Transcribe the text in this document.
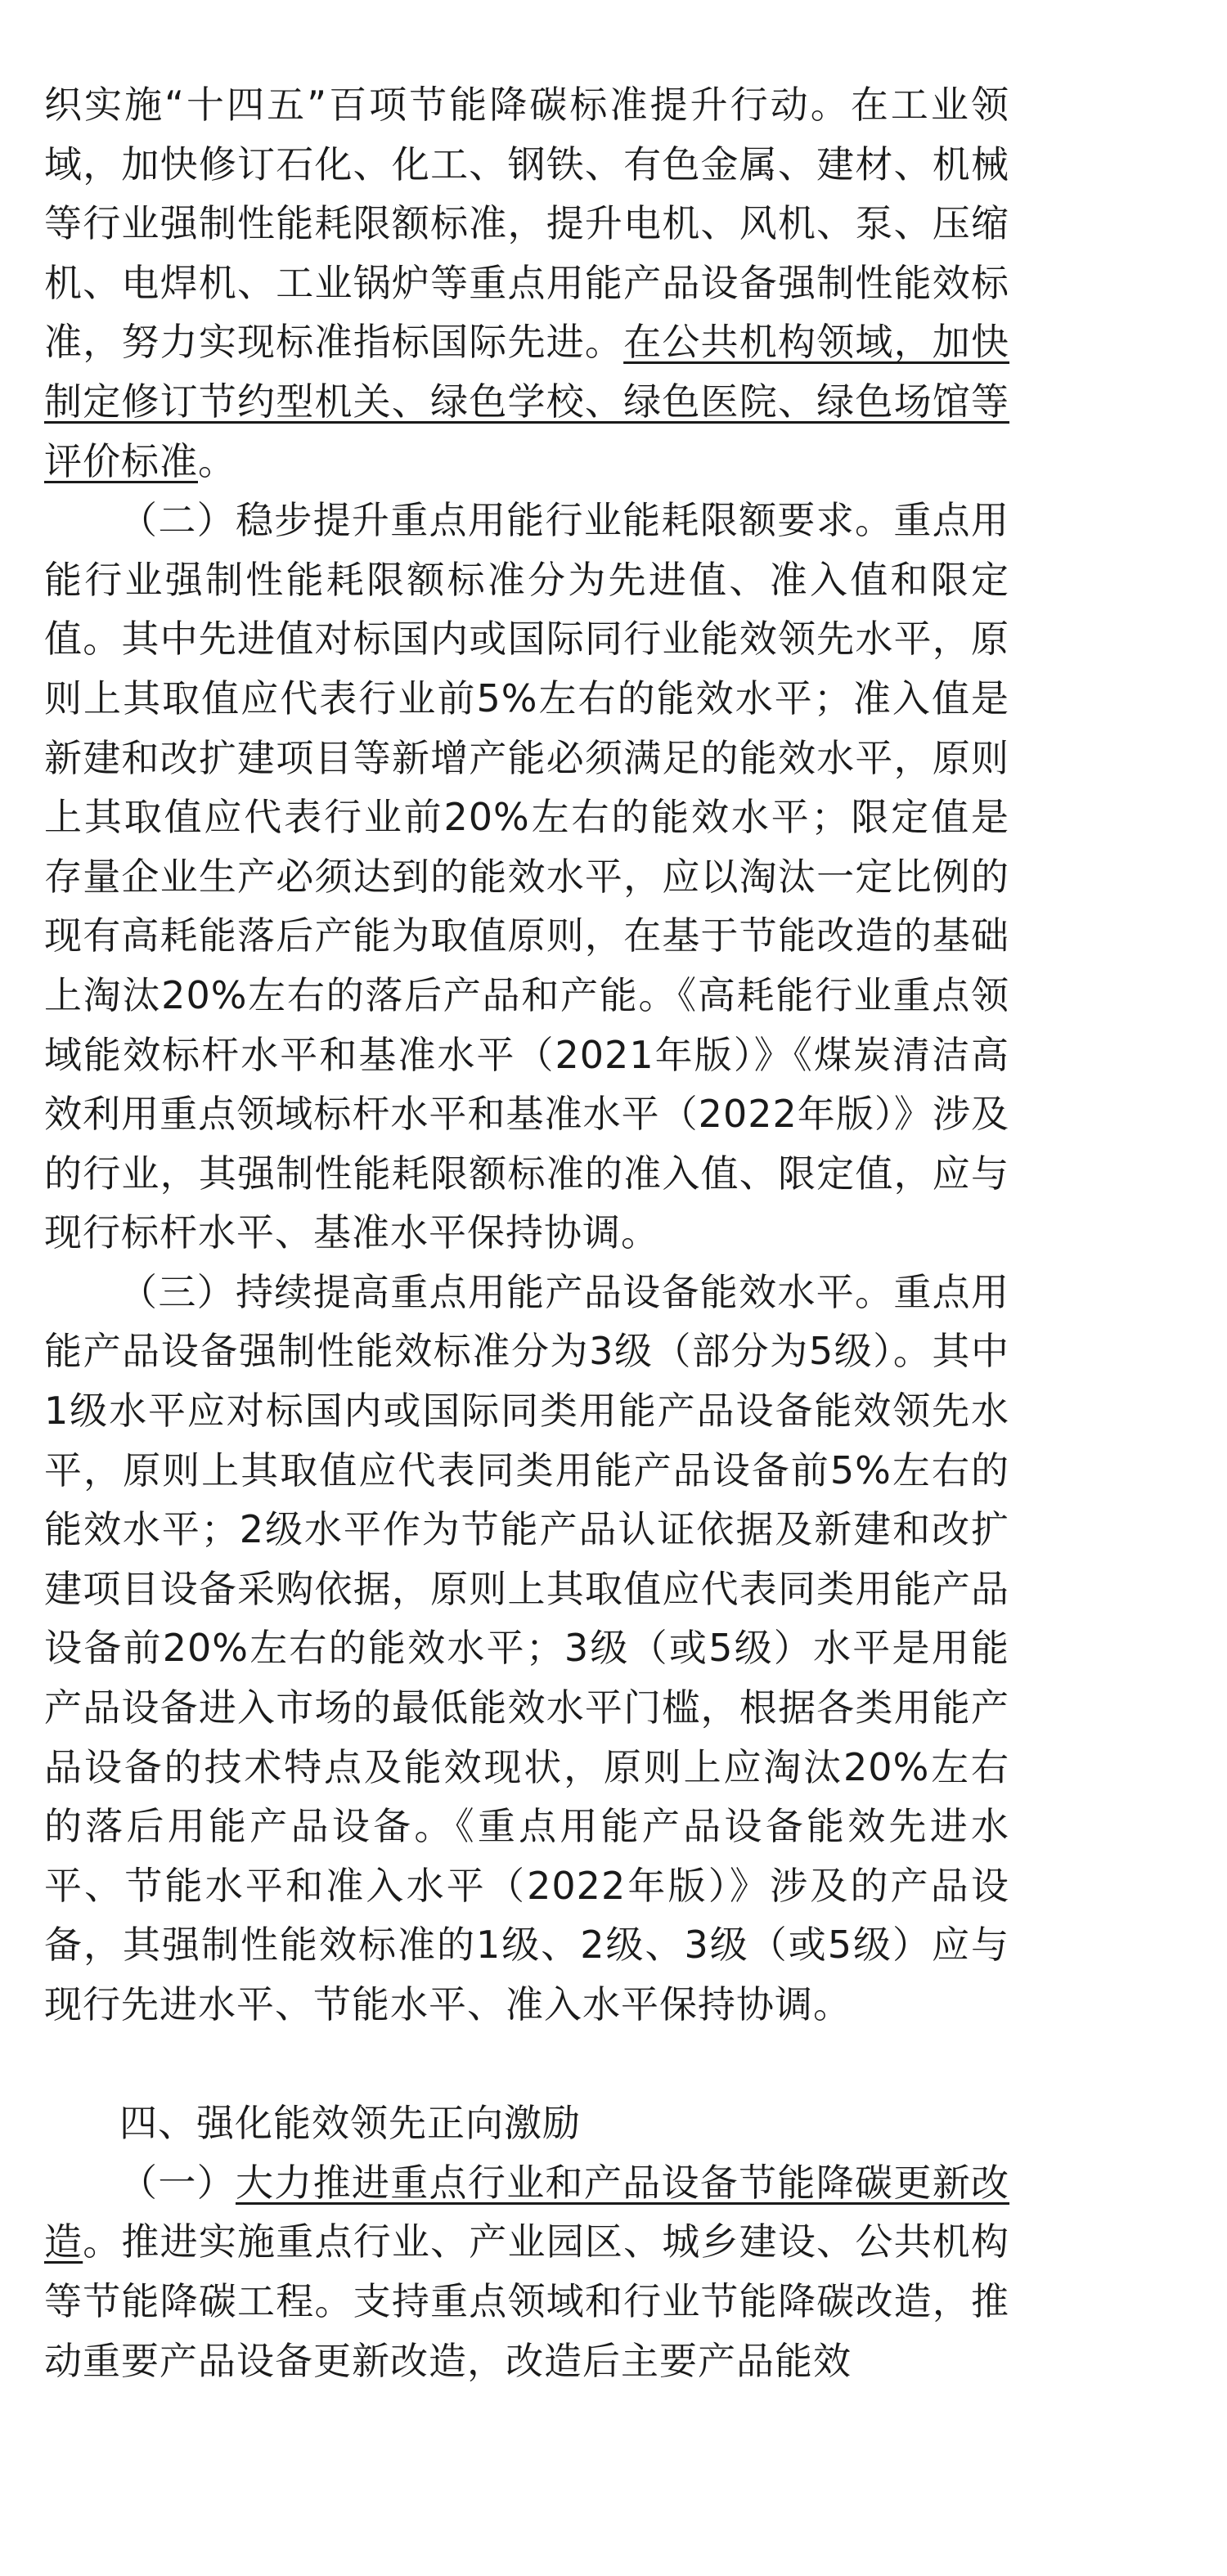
织实施“十四五”百项节能降碳标准提升行动。在工业领域，加快修订石化、化工、钢铁、有色金属、建材、机械等行业强制性能耗限额标准，提升电机、风机、泵、压缩机、电焊机、工业锅炉等重点用能产品设备强制性能效标准，努力实现标准指标国际先进。在公共机构领域，加快制定修订节约型机关、绿色学校、绿色医院、绿色场馆等评价标准。

（二）稳步提升重点用能行业能耗限额要求。重点用能行业强制性能耗限额标准分为先进值、准入值和限定值。其中先进值对标国内或国际同行业能效领先水平，原则上其取值应代表行业前5%左右的能效水平；准入值是新建和改扩建项目等新增产能必须满足的能效水平，原则上其取值应代表行业前20%左右的能效水平；限定值是存量企业生产必须达到的能效水平，应以淘汰一定比例的现有高耗能落后产能为取值原则，在基于节能改造的基础上淘汰20%左右的落后产品和产能。《高耗能行业重点领域能效标杆水平和基准水平（2021年版）》《煤炭清洁高效利用重点领域标杆水平和基准水平（2022年版）》涉及的行业，其强制性能耗限额标准的准入值、限定值，应与现行标杆水平、基准水平保持协调。

（三）持续提高重点用能产品设备能效水平。重点用能产品设备强制性能效标准分为3级（部分为5级）。其中1级水平应对标国内或国际同类用能产品设备能效领先水平，原则上其取值应代表同类用能产品设备前5%左右的能效水平；2级水平作为节能产品认证依据及新建和改扩建项目设备采购依据，原则上其取值应代表同类用能产品设备前20%左右的能效水平；3级（或5级）水平是用能产品设备进入市场的最低能效水平门槛，根据各类用能产品设备的技术特点及能效现状，原则上应淘汰20%左右的落后用能产品设备。《重点用能产品设备能效先进水平、节能水平和准入水平（2022年版）》涉及的产品设备，其强制性能效标准的1级、2级、3级（或5级）应与现行先进水平、节能水平、准入水平保持协调。

四、强化能效领先正向激励

（一）大力推进重点行业和产品设备节能降碳更新改造。推进实施重点行业、产业园区、城乡建设、公共机构等节能降碳工程。支持重点领域和行业节能降碳改造，推动重要产品设备更新改造，改造后主要产品能效
